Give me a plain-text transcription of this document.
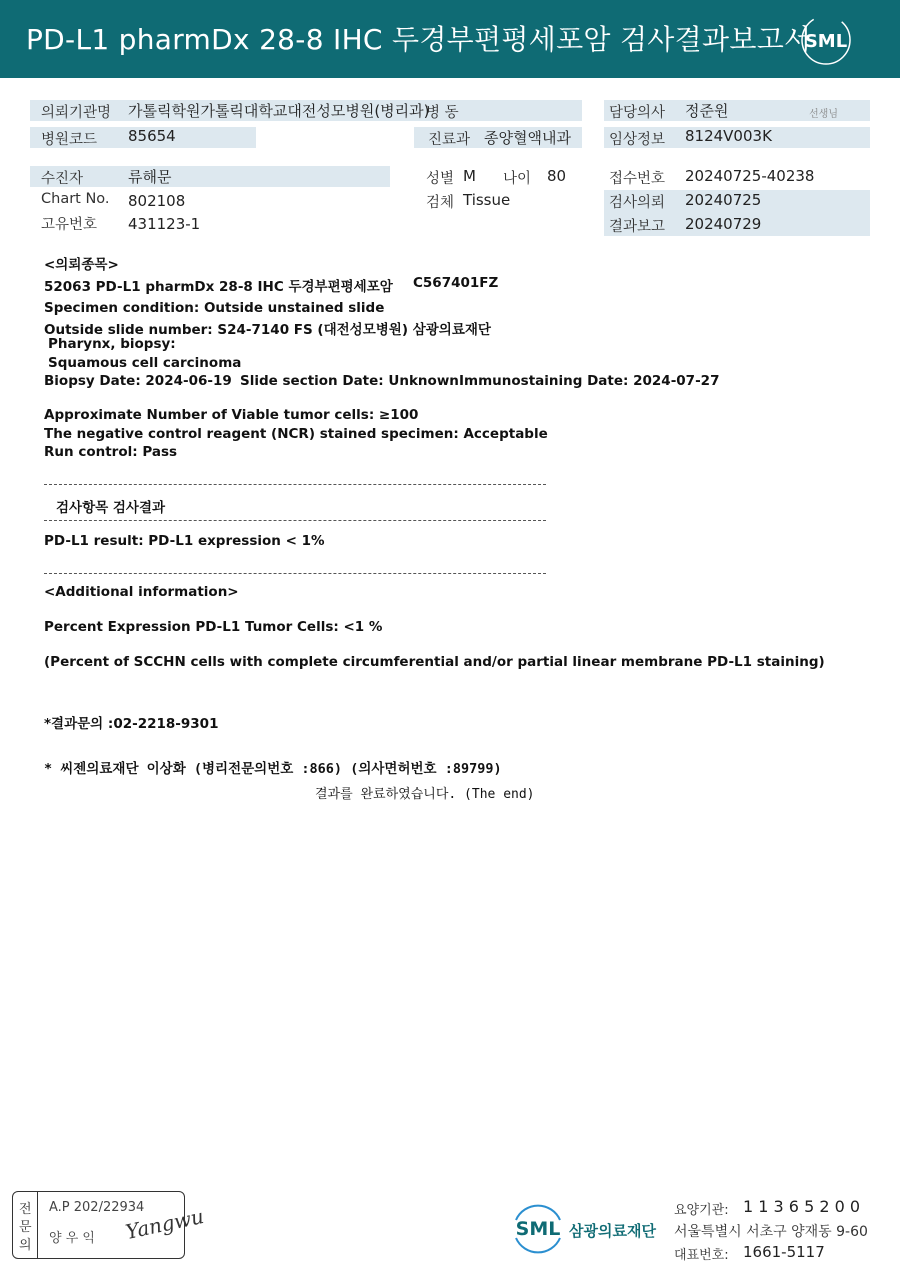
PD-L1 pharmDx 28-8 IHC 두경부편평세포암 검사결과보고서
SML
의뢰기관명 가톨릭학원가톨릭대학교대전성모병원(병리과)
병 동	담당의사 정준원	선생님
병원코드 85654	진료과 종양혈액내과	임상정보 8124V003K
수진자	류해문	성별 M 나이 80	접수번호 20240725-40238
Chart No. 802108	검체 Tissue	검사의뢰 20240725
고유번호 431123-1	결과보고 20240729
<의뢰종목>
52063 PD-L1 pharmDx 28-8 IHC 두경부편평세포암 C567401FZ
Specimen condition: Outside unstained slide
Outside slide number: S24-7140 FS (대전성모병원) 삼광의료재단
Pharynx, biopsy:
Squamous cell carcinoma
Biopsy Date: 2024-06-19 Slide section Date: Unknown Immunostaining Date: 2024-07-27
Approximate Number of Viable tumor cells: ≥100
The negative control reagent (NCR) stained specimen: Acceptable
Run control: Pass
검사항목 검사결과
PD-L1 result: PD-L1 expression < 1%
<Additional information>
Percent Expression PD-L1 Tumor Cells: <1 %
(Percent of SCCHN cells with complete circumferential and/or partial linear membrane PD-L1 staining)
*결과문의 :02-2218-9301
* 씨젠의료재단 이상화 (병리전문의번호 :866) (의사면허번호 :89799)
결과를 완료하였습니다. (The end)
전
문
의
A.P 202/22934
양 우 익 Yangwu	SML 삼광의료재단
요양기관: 1 1 3 6 5 2 0 0
서울특별시 서초구 양재동 9-60
대표번호: 1661-5117
